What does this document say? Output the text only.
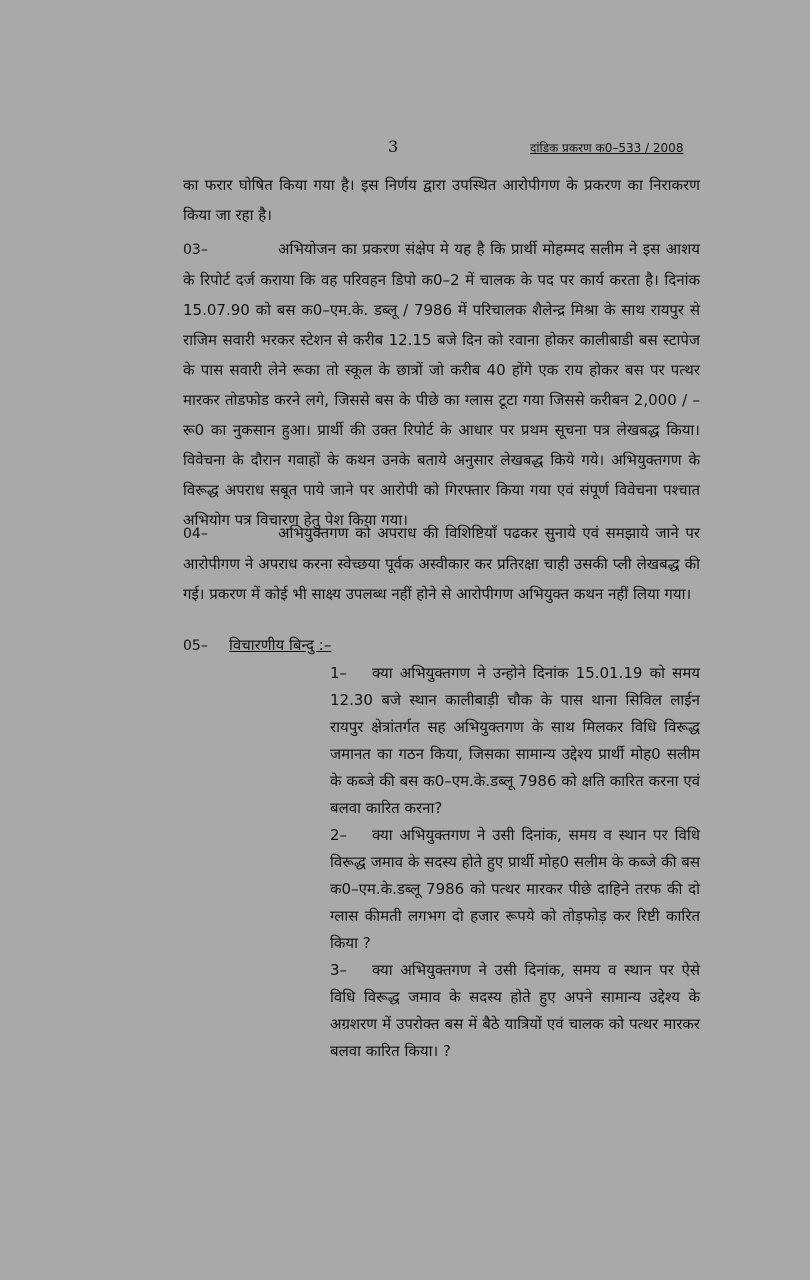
3	दांडिक प्रकरण क0–533 / 2008

का फरार घोषित किया गया है। इस निर्णय द्वारा उपस्थित आरोपीगण के प्रकरण का निराकरण किया जा रहा है।

03–	अभियोजन का प्रकरण संक्षेप मे यह है कि प्रार्थी मोहम्मद सलीम ने इस आशय के रिपोर्ट दर्ज कराया कि वह परिवहन डिपो क0–2 में चालक के पद पर कार्य करता है। दिनांक 15.07.90 को बस क0–एम.के. डब्लू / 7986 में परिचालक शैलेन्द्र मिश्रा के साथ रायपुर से राजिम सवारी भरकर स्टेशन से करीब 12.15 बजे दिन को रवाना होकर कालीबाडी बस स्टापेज के पास सवारी लेने रूका तो स्कूल के छात्रों जो करीब 40 होंगे एक राय होकर बस पर पत्थर मारकर तोडफोड करने लगे, जिससे बस के पीछे का ग्लास टूटा गया जिससे करीबन 2,000 / –रू0 का नुकसान हुआ। प्रार्थी की उक्त रिपोर्ट के आधार पर प्रथम सूचना पत्र लेखबद्ध किया। विवेचना के दौरान गवाहों के कथन उनके बताये अनुसार लेखबद्ध किये गये। अभियुक्तगण के विरूद्ध अपराध सबूत पाये जाने पर आरोपी को गिरफ्तार किया गया एवं संपूर्ण विवेचना पश्चात अभियोग पत्र विचारण हेतु पेश किया गया।

04–	अभियुक्तगण को अपराध की विशिष्टियॉं पढकर सुनाये एवं समझाये जाने पर आरोपीगण ने अपराध करना स्वेच्छया पूर्वक अस्वीकार कर प्रतिरक्षा चाही उसकी प्ली लेखबद्ध की गई। प्रकरण में कोई भी साक्ष्य उपलब्ध नहीं होने से आरोपीगण अभियुक्त कथन नहीं लिया गया।

05– विचारणीय बिन्दु :–

1– क्या अभियुक्तगण ने उन्होने दिनांक 15.01.19 को समय 12.30 बजे स्थान कालीबाड़ी चौक के पास थाना सिविल लाईन रायपुर क्षेत्रांतर्गत सह अभियुक्तगण के साथ मिलकर विधि विरूद्ध जमानत का गठन किया, जिसका सामान्य उद्देश्य प्रार्थी मोह0 सलीम के कब्जे की बस क0–एम.के.डब्लू 7986 को क्षति कारित करना एवं बलवा कारित करना?

2– क्या अभियुक्तगण ने उसी दिनांक, समय व स्थान पर विधि विरूद्ध जमाव के सदस्य होते हुए प्रार्थी मोह0 सलीम के कब्जे की बस क0–एम.के.डब्लू 7986 को पत्थर मारकर पीछे दाहिने तरफ की दो ग्लास कीमती लगभग दो हजार रूपये को तोड़फोड़ कर रिष्टी कारित किया ?

3– क्या अभियुक्तगण ने उसी दिनांक, समय व स्थान पर ऐसे विधि विरूद्ध जमाव के सदस्य होते हुए अपने सामान्य उद्देश्य के अग्रशरण में उपरोक्त बस में बैठे यात्रियों एवं चालक को पत्थर मारकर बलवा कारित किया। ?
